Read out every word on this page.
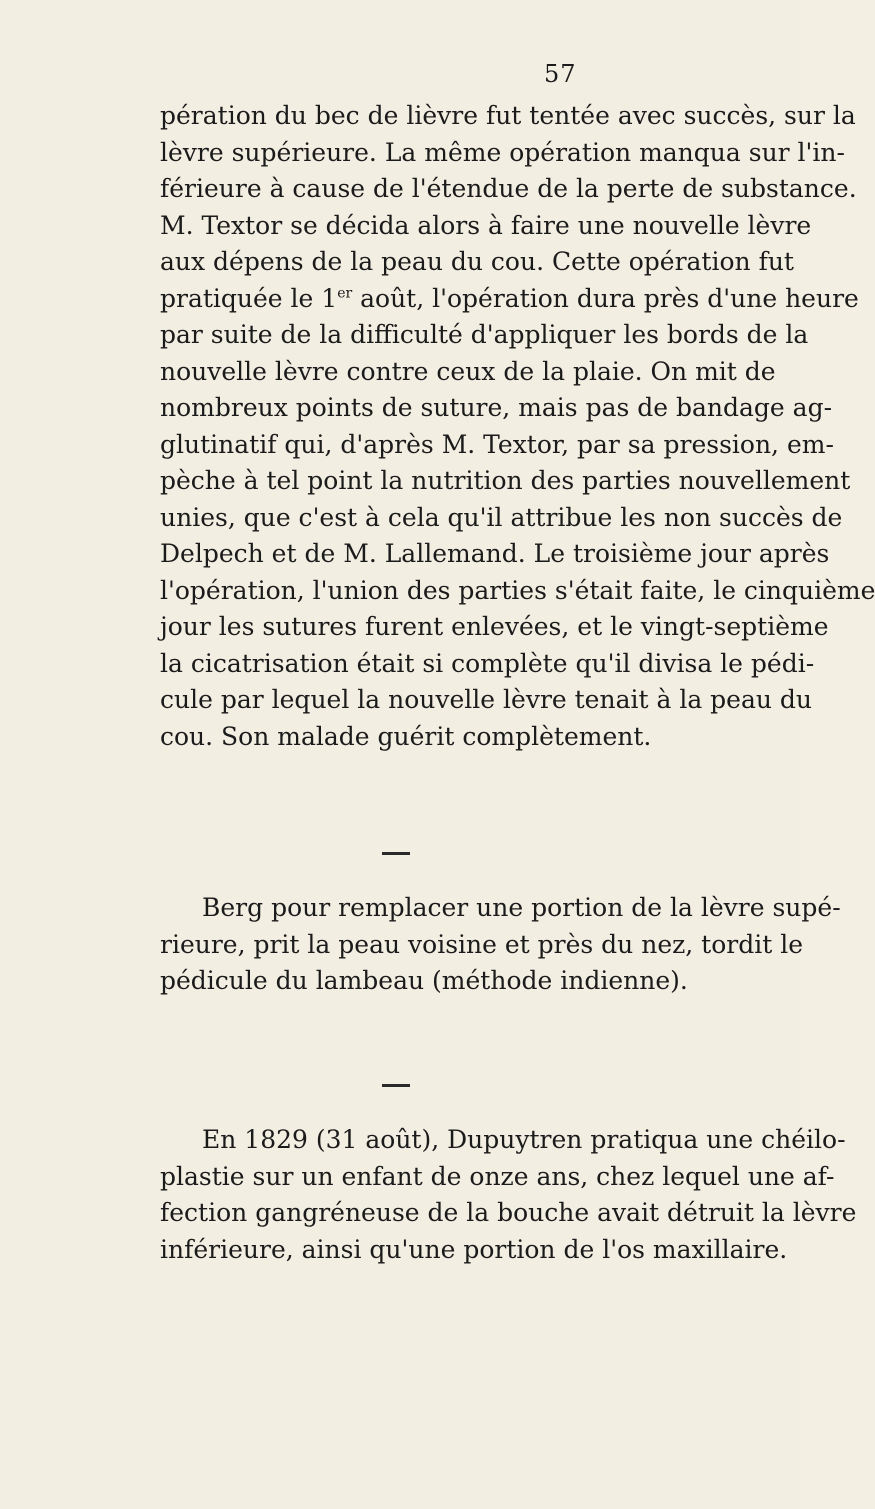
57
pération du bec de lièvre fut tentée avec succès, sur la
lèvre supérieure. La même opération manqua sur l'in-
férieure à cause de l'étendue de la perte de substance.
M. Textor se décida alors à faire une nouvelle lèvre
aux dépens de la peau du cou. Cette opération fut
pratiquée le 1er août, l'opération dura près d'une heure
par suite de la difficulté d'appliquer les bords de la
nouvelle lèvre contre ceux de la plaie. On mit de
nombreux points de suture, mais pas de bandage ag-
glutinatif qui, d'après M. Textor, par sa pression, em-
pèche à tel point la nutrition des parties nouvellement
unies, que c'est à cela qu'il attribue les non succès de
Delpech et de M. Lallemand. Le troisième jour après
l'opération, l'union des parties s'était faite, le cinquième
jour les sutures furent enlevées, et le vingt-septième
la cicatrisation était si complète qu'il divisa le pédi-
cule par lequel la nouvelle lèvre tenait à la peau du
cou. Son malade guérit complètement.
Berg pour remplacer une portion de la lèvre supé-
rieure, prit la peau voisine et près du nez, tordit le
pédicule du lambeau (méthode indienne).
En 1829 (31 août), Dupuytren pratiqua une chéilo-
plastie sur un enfant de onze ans, chez lequel une af-
fection gangréneuse de la bouche avait détruit la lèvre
inférieure, ainsi qu'une portion de l'os maxillaire.
